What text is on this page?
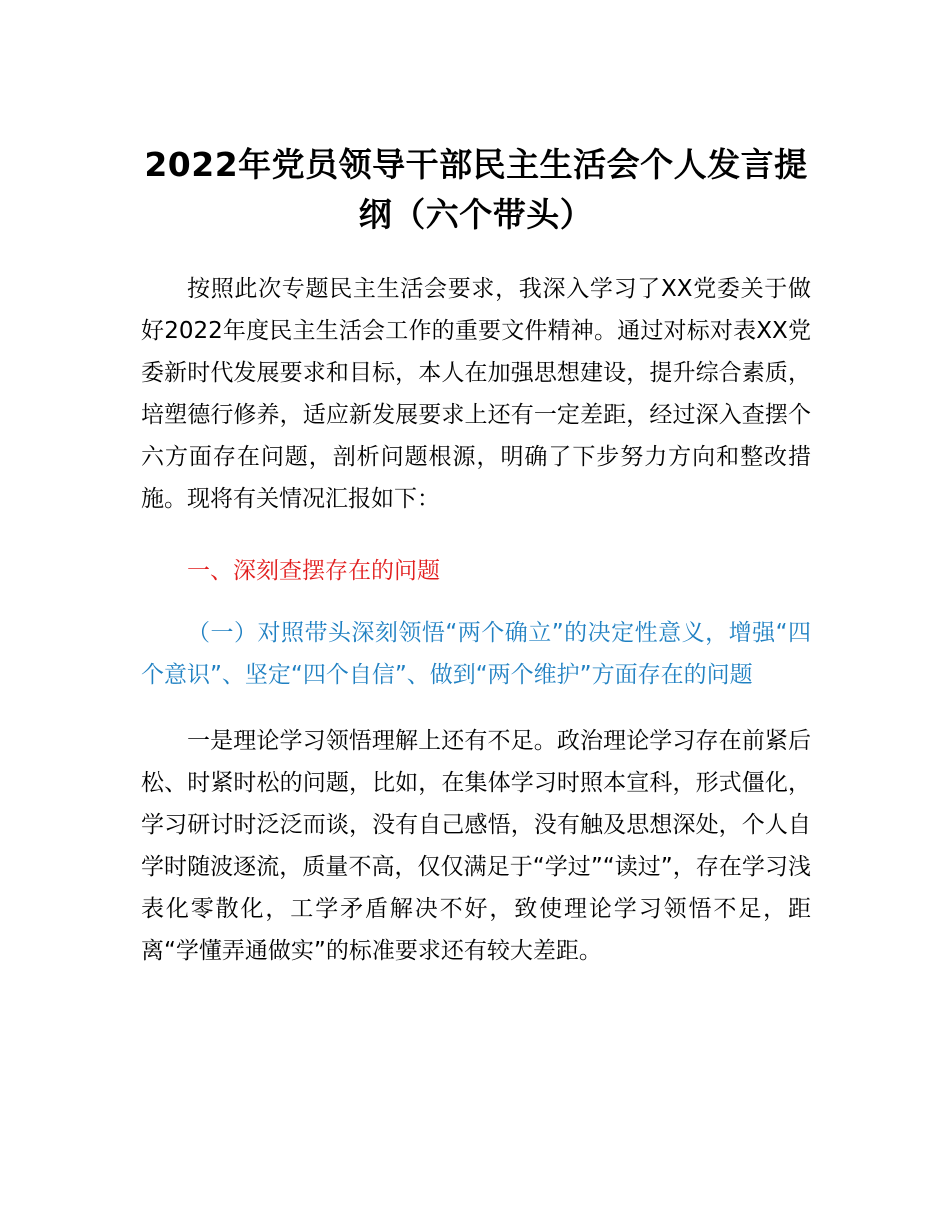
2022年党员领导干部民主生活会个人发言提纲（六个带头）

按照此次专题民主生活会要求，我深入学习了XX党委关于做好2022年度民主生活会工作的重要文件精神。通过对标对表XX党委新时代发展要求和目标，本人在加强思想建设，提升综合素质，培塑德行修养，适应新发展要求上还有一定差距，经过深入查摆个六方面存在问题，剖析问题根源，明确了下步努力方向和整改措施。现将有关情况汇报如下：

一、深刻查摆存在的问题
（一）对照带头深刻领悟“两个确立”的决定性意义，增强“四个意识”、坚定“四个自信”、做到“两个维护”方面存在的问题

一是理论学习领悟理解上还有不足。政治理论学习存在前紧后松、时紧时松的问题，比如，在集体学习时照本宣科，形式僵化，学习研讨时泛泛而谈，没有自己感悟，没有触及思想深处，个人自学时随波逐流，质量不高，仅仅满足于“学过”“读过”，存在学习浅表化零散化，工学矛盾解决不好，致使理论学习领悟不足，距离“学懂弄通做实”的标准要求还有较大差距。
